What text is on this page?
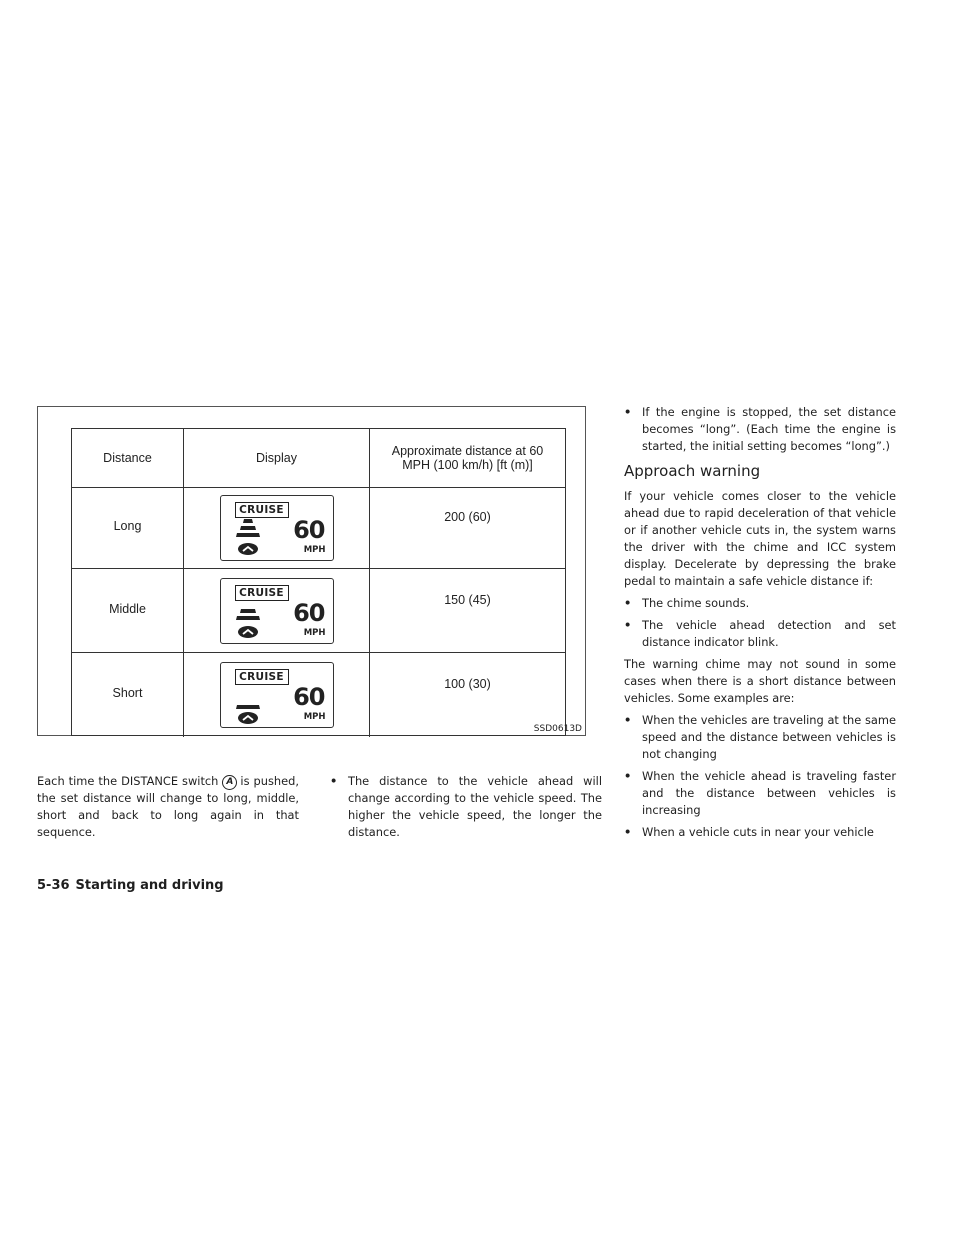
Distance	Display	Approximate distance at 60 MPH (100 km/h) [ft (m)]
Long
CRUISE
60
MPH
200 (60)
Middle
CRUISE
60
MPH
150 (45)
Short
CRUISE
60
MPH
100 (30)
SSD0613D

Each time the DISTANCE switch A is pushed, the set distance will change to long, middle, short and back to long again in that sequence.

• The distance to the vehicle ahead will change according to the vehicle speed. The higher the vehicle speed, the longer the distance.
• If the engine is stopped, the set distance becomes “long”. (Each time the engine is started, the initial setting becomes “long”.)
Approach warning

If your vehicle comes closer to the vehicle ahead due to rapid deceleration of that vehicle or if another vehicle cuts in, the system warns the driver with the chime and ICC system display. Decelerate by depressing the brake pedal to maintain a safe vehicle distance if:

• The chime sounds.
• The vehicle ahead detection and set distance indicator blink.

The warning chime may not sound in some cases when there is a short distance between vehicles. Some examples are:

• When the vehicles are traveling at the same speed and the distance between vehicles is not changing
• When the vehicle ahead is traveling faster and the distance between vehicles is increasing
• When a vehicle cuts in near your vehicle
5-36 Starting and driving
